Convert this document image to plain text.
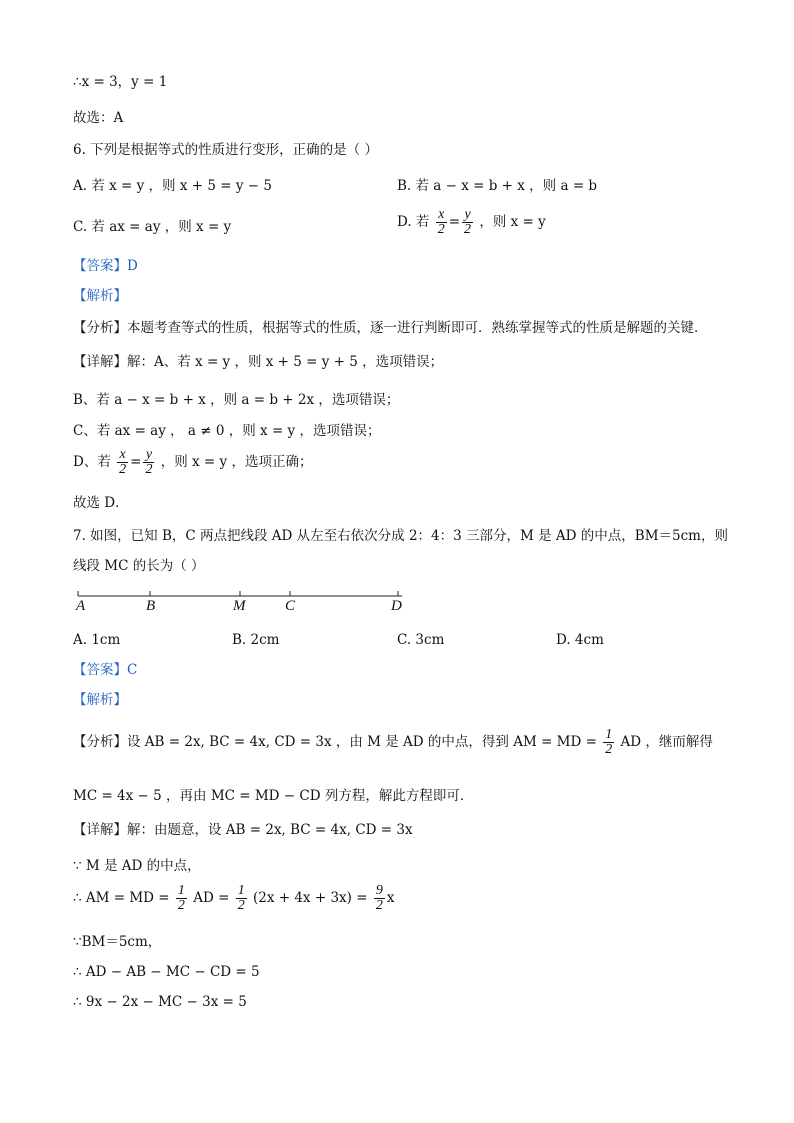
∴x = 3，y = 1
故选：A
6. 下列是根据等式的性质进行变形，正确的是（ ）
A. 若 x = y ，则 x + 5 = y − 5	B. 若 a − x = b + x ，则 a = b
C. 若 ax = ay ，则 x = y	D. 若 $\frac{x}{2} = \frac{y}{2}$ ，则 x = y
【答案】D
【解析】
【分析】本题考查等式的性质，根据等式的性质，逐一进行判断即可．熟练掌握等式的性质是解题的关键．
【详解】解：A、若 x = y ，则 x + 5 = y + 5 ，选项错误；
B、若 a − x = b + x ，则 a = b + 2x ，选项错误；
C、若 ax = ay ， a ≠ 0 ，则 x = y ，选项错误；
D、若 $\frac{x}{2} = \frac{y}{2}$ ，则 x = y ，选项正确；
故选 D．
7. 如图，已知 B，C 两点把线段 AD 从左至右依次分成 2：4：3 三部分，M 是 AD 的中点，BM＝5cm，则
线段 MC 的长为（ ）
A	B	M	C	D
A. 1cm	B. 2cm	C. 3cm	D. 4cm
【答案】C
【解析】
【分析】设 AB = 2x, BC = 4x, CD = 3x ，由 M 是 AD 的中点，得到 AM = MD = $\frac{1}{2}$ AD ，继而解得
MC = 4x − 5 ，再由 MC = MD − CD 列方程，解此方程即可．
【详解】解：由题意，设 AB = 2x, BC = 4x, CD = 3x
∵ M 是 AD 的中点，
∴ AM = MD = $\frac{1}{2}$ AD = $\frac{1}{2} (2x + 4x + 3x) = \frac{9}{2}$ x
∵BM＝5cm，
∴ AD − AB − MC − CD = 5
∴ 9x − 2x − MC − 3x = 5
